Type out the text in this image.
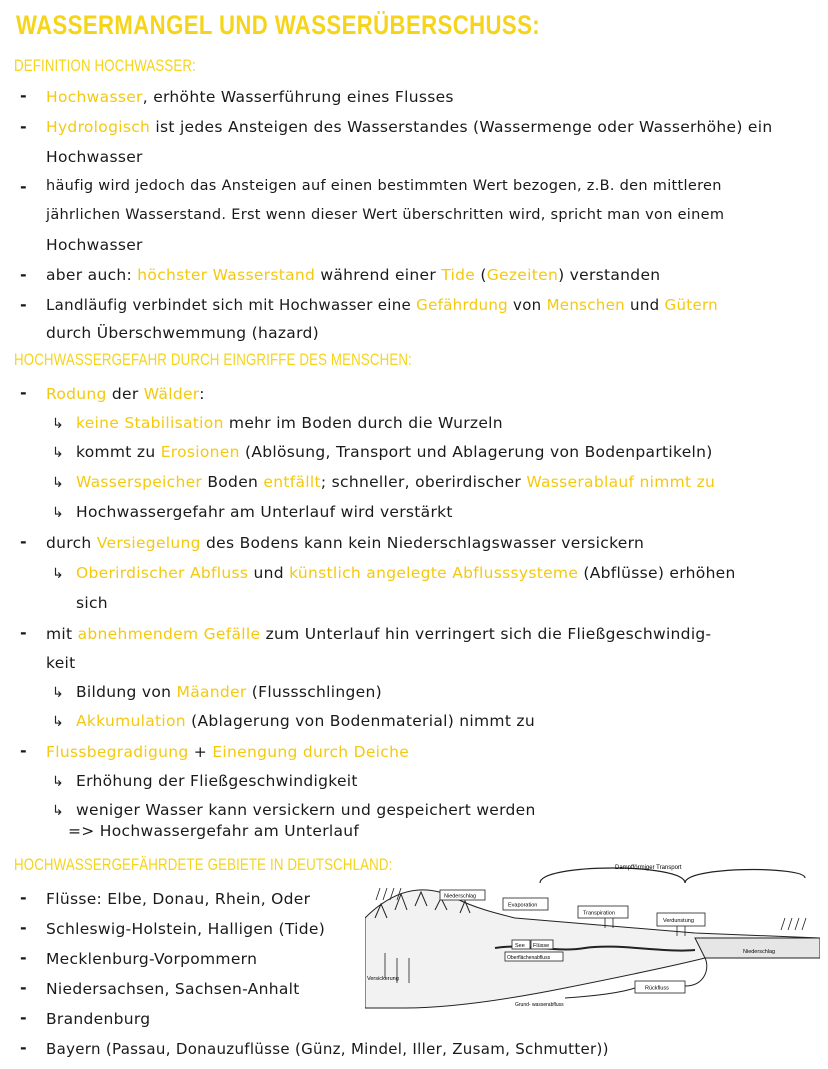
WASSERMANGEL UND WASSERÜBERSCHUSS:
DEFINITION HOCHWASSER:
- Hochwasser, erhöhte Wasserführung eines Flusses
- Hydrologisch ist jedes Ansteigen des Wasserstandes (Wassermenge oder Wasserhöhe) ein
Hochwasser
- häufig wird jedoch das Ansteigen auf einen bestimmten Wert bezogen, z.B. den mittleren
jährlichen Wasserstand. Erst wenn dieser Wert überschritten wird, spricht man von einem
Hochwasser
- aber auch: höchster Wasserstand während einer Tide (Gezeiten) verstanden
- Landläufig verbindet sich mit Hochwasser eine Gefährdung von Menschen und Gütern
durch Überschwemmung (hazard)
HOCHWASSERGEFAHR DURCH EINGRIFFE DES MENSCHEN:
- Rodung der Wälder:
↳ keine Stabilisation mehr im Boden durch die Wurzeln
↳ kommt zu Erosionen (Ablösung, Transport und Ablagerung von Bodenpartikeln)
↳ Wasserspeicher Boden entfällt; schneller, oberirdischer Wasserablauf nimmt zu
↳ Hochwassergefahr am Unterlauf wird verstärkt
- durch Versiegelung des Bodens kann kein Niederschlagswasser versickern
↳ Oberirdischer Abfluss und künstlich angelegte Abflusssysteme (Abflüsse) erhöhen
sich
- mit abnehmendem Gefälle zum Unterlauf hin verringert sich die Fließgeschwindig-
keit
↳ Bildung von Mäander (Flussschlingen)
↳ Akkumulation (Ablagerung von Bodenmaterial) nimmt zu
- Flussbegradigung + Einengung durch Deiche
↳ Erhöhung der Fließgeschwindigkeit
↳ weniger Wasser kann versickern und gespeichert werden
=> Hochwassergefahr am Unterlauf
HOCHWASSERGEFÄHRDETE GEBIETE IN DEUTSCHLAND:
- Flüsse: Elbe, Donau, Rhein, Oder
- Schleswig-Holstein, Halligen (Tide)
- Mecklenburg-Vorpommern
- Niedersachsen, Sachsen-Anhalt
- Brandenburg
- Bayern (Passau, Donauzuflüsse (Günz, Mindel, Iller, Zusam, Schmutter))
Dampfförmiger Transport
Niederschlag
Evaporation
Transpiration
Verdunstung
Niederschlag
See Flüsse
Oberflächenabfluss
Versickerung
Rückfluss
Grund- wasserabfluss
